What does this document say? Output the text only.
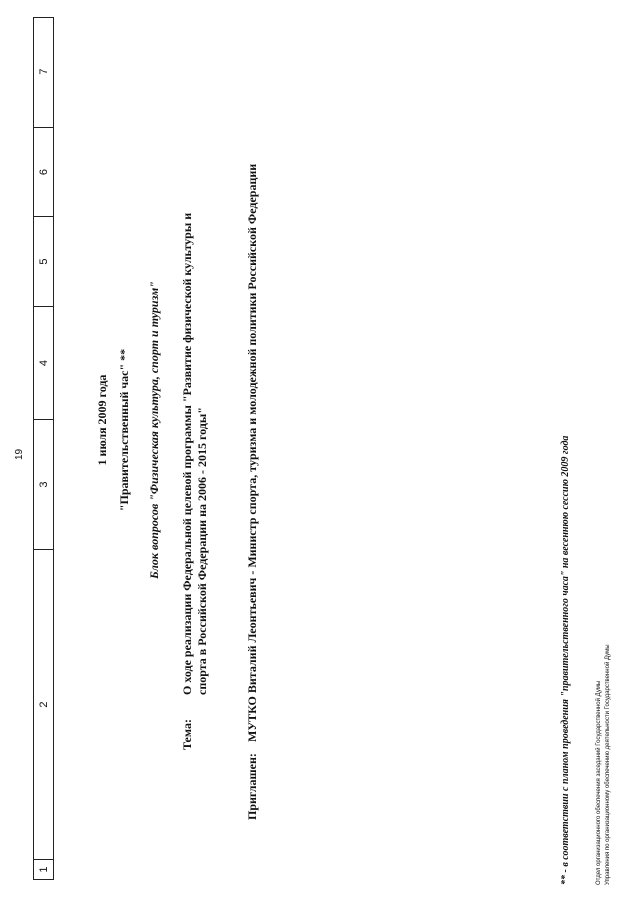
19
1
2
3
4
5
6
7
1 июля 2009 года "Правительственный час" ** Блок вопросов "Физическая культура, спорт и туризм"
Тема:
О ходе реализации Федеральной целевой программы "Развитие физической культуры и спорта в Российской Федерации на 2006 - 2015 годы"
Приглашен:
МУТКО Виталий Леонтьевич - Министр спорта, туризма и молодежной политики Российской Федерации	** - в соответствии с планом проведения "правительственного часа" на весеннюю сессию 2009 года	Отдел организационного обеспечения заседаний Государственной Думы Управления по организационному обеспечению деятельности Государственной Думы
